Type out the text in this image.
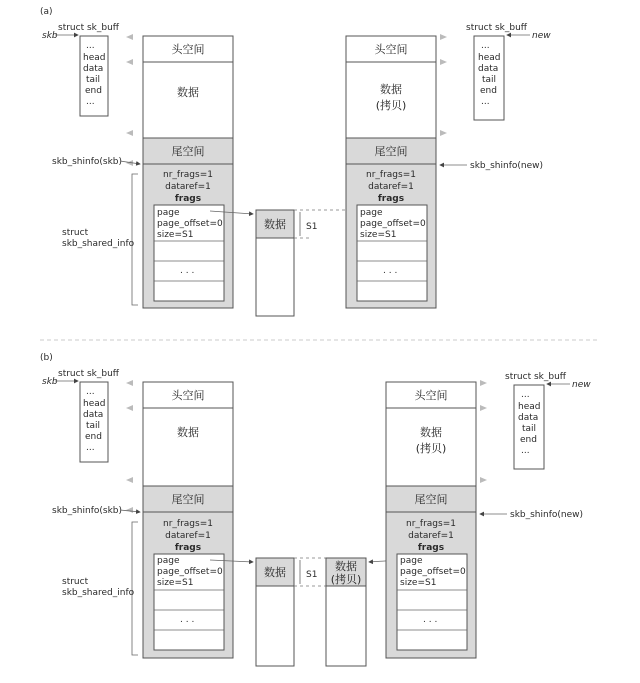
(a)
struct sk_buff
skb
...
head
data
tail
end
...
头空间
数据
尾空间
nr_frags=1
dataref=1
frags
page
page_offset=0
size=S1
. . .
skb_shinfo(skb)
struct
skb_shared_info
数据 S1
头空间
数据
(拷贝)
尾空间
nr_frags=1
dataref=1
frags
page
page_offset=0
size=S1
. . .
struct sk_buff
new
...
head
data
tail
end
...
skb_shinfo(new)
(b)
struct sk_buff
skb
...
head
data
tail
end
...
头空间
数据
尾空间
nr_frags=1
dataref=1
frags
page
page_offset=0
size=S1
. . .
skb_shinfo(skb)
struct
skb_shared_info
数据 S1
数据
(拷贝)
头空间
数据
(拷贝)
尾空间
nr_frags=1
dataref=1
frags
page
page_offset=0
size=S1
. . .
struct sk_buff
new
...
head
data
tail
end
...
skb_shinfo(new)
